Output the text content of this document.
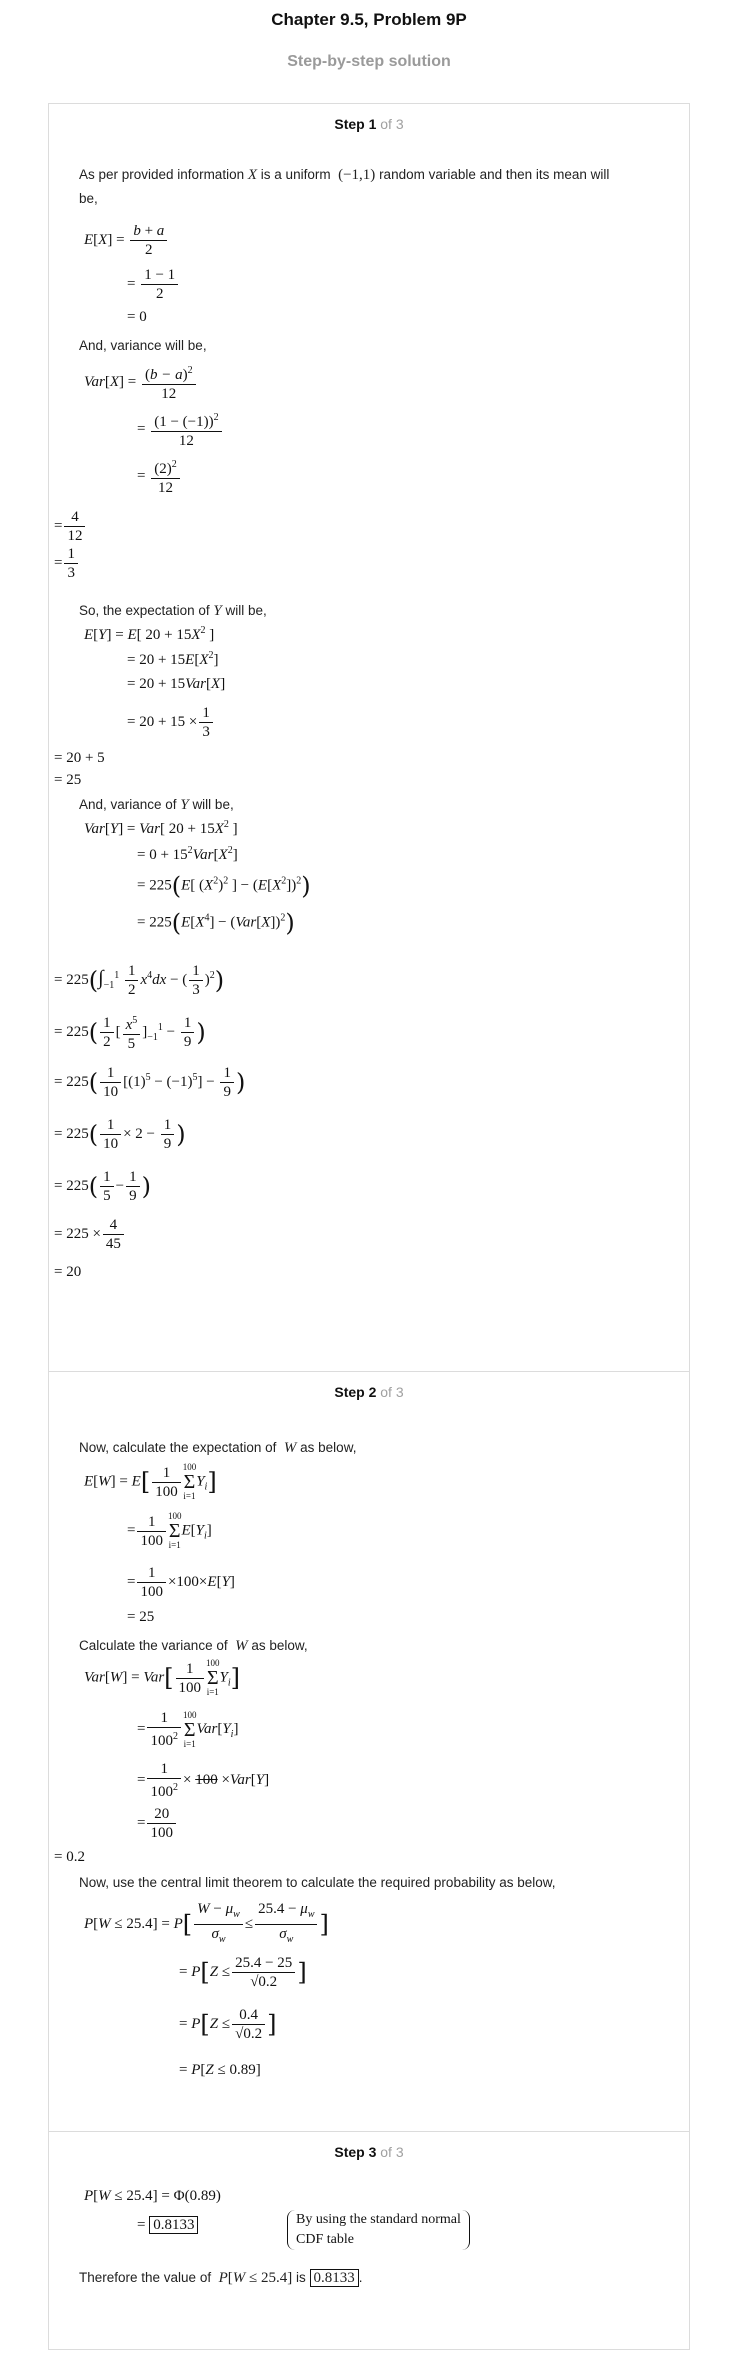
Chapter 9.5, Problem 9P
Step-by-step solution
Step 1 of 3
As per provided information X is a uniform (−1,1) random variable and then its mean will
be,
$E[X] = \frac{b + a}{2}$
= $\frac{1 - 1}{2}$
= 0
And, variance will be,
$Var[X] = \frac{(b - a)^2}{12}$
= $\frac{(1 - (-1))^2}{12}$
= $\frac{(2)^2}{12}$
= $\frac{4}{12}$
= $\frac{1}{3}$
So, the expectation of Y will be,
E[Y] = E[ $20 + 15X^2$ ]
= $20 + 15E[X^2]$
= 20 + 15Var[X]
= $20 + 15 \times \frac{1}{3}$
= 20 + 5
= 25
And, variance of Y will be,
Var[Y] = Var[ $20 + 15X^2$ ]
= $0 + 15^2Var[X^2]$
= 225(E[ $(X^2)^2$ ] − $(E[X^2])^2$)
= $225(E[X^4] - (Var[X])^2)$
= $225(\int_{-1}^1 \frac{1}{2} x^4dx$ − ( $\frac{1}{3} )^2$)
= $225( \frac{1}{2}$ [ $\frac{x^5}{5} ]_{-1}^1 - \frac{1}{9}$ )
= $225( \frac{1}{10} [(1)^5 - (-1)^5] - \frac{1}{9}$ )
= $225( \frac{1}{10} \times 2 - \frac{1}{9}$ )
= $225( \frac{1}{5} - \frac{1}{9}$ )
= $225 \times \frac{4}{45}$
= 20
Step 2 of 3
Now, calculate the expectation of W as below,
$E[W] = E[ \frac{1}{100} 100$
Σ
$i=1Y_i$]
= $\frac{1}{100} 100$
Σ
$i=1E[Y_i]$
= $\frac{1}{100} \times 100\times E[Y]$
= 25
Calculate the variance of W as below,
$Var[W] = Var[ \frac{1}{100} 100$
Σ
$i=1Y_i$]
= $\frac{1}{100^2} 100$
Σ
$i=1Var[Y_i]$
= $\frac{1}{100^2} \times 100 \times Var[Y]$
= $\frac{20}{100}$
= 0.2
Now, use the central limit theorem to calculate the required probability as below,
$P[W \le 25.4] = P[ \frac{W - \mu_w}{\sigma_w} \le \frac{25.4 - \mu_w}{\sigma_w}$ ]
= $P[Z \le \frac{25.4 - 25}{√0.2}$ ]
= $P[Z \le \frac{0.4}{√0.2}$ ]
= P[Z ≤ 0.89]
Step 3 of 3
P[W ≤ 25.4] = Φ(0.89)
= 0.8133	By using the standard normal
CDF table
Therefore the value of P[W ≤ 25.4] is 0.8133 .
